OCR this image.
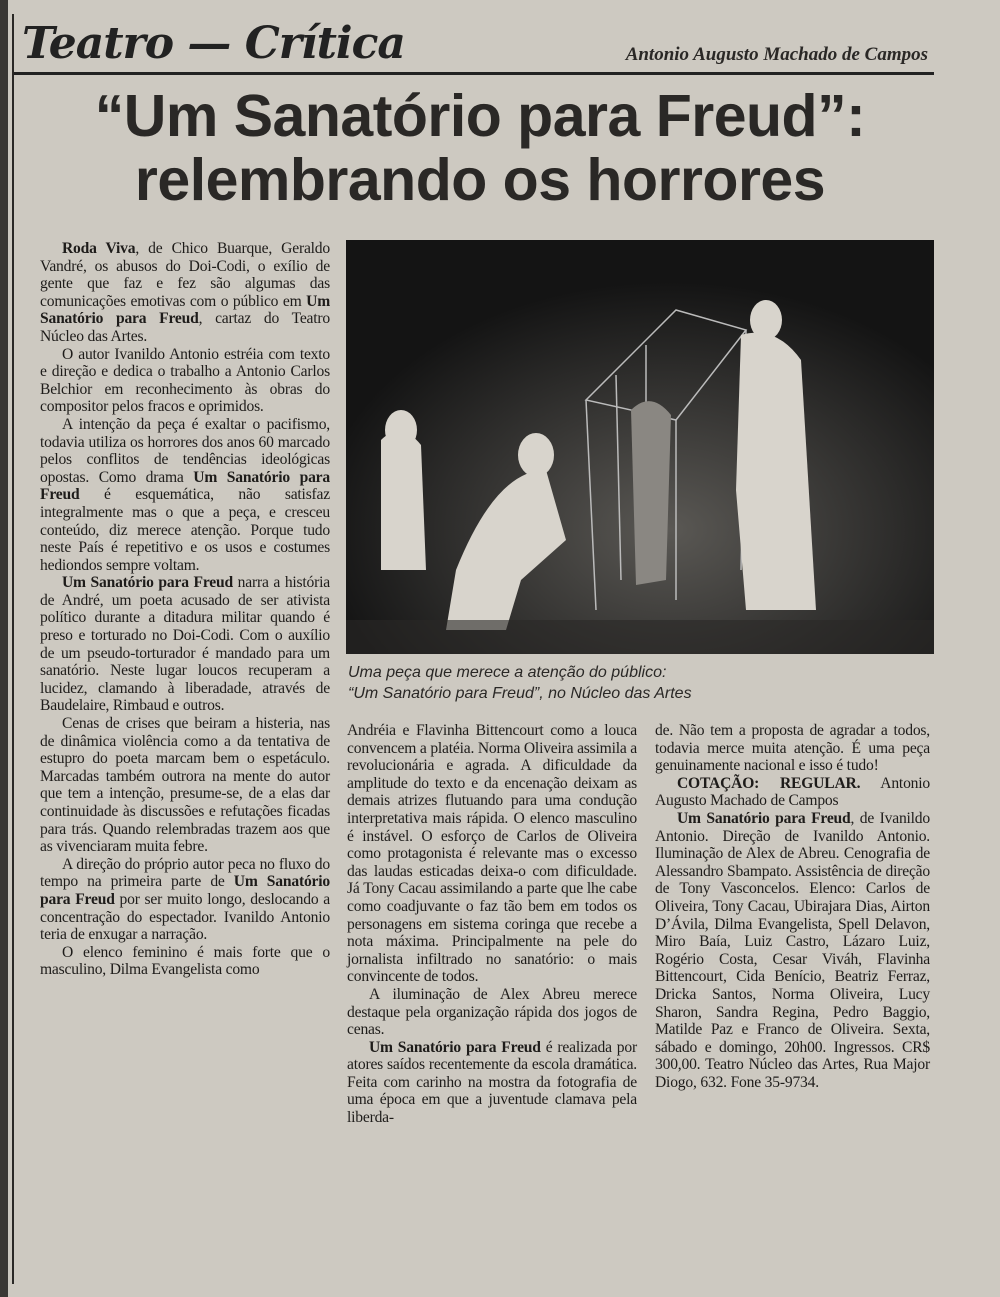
Teatro — Crítica	Antonio Augusto Machado de Campos
“Um Sanatório para Freud”:
relembrando os horrores

Roda Viva, de Chico Buarque, Geraldo Vandré, os abusos do Doi-Codi, o exílio de gente que faz e fez são algumas das comunicações emotivas com o público em Um Sanatório para Freud, cartaz do Teatro Núcleo das Artes.

O autor Ivanildo Antonio estréia com texto e direção e dedica o trabalho a Antonio Carlos Belchior em reconhecimento às obras do compositor pelos fracos e oprimidos.

A intenção da peça é exaltar o pacifismo, todavia utiliza os horrores dos anos 60 marcado pelos conflitos de tendências ideológicas opostas. Como drama Um Sanatório para Freud é esquemática, não satisfaz integralmente mas o que a peça, e cresceu conteúdo, diz merece atenção. Porque tudo neste País é repetitivo e os usos e costumes hediondos sempre voltam.

Um Sanatório para Freud narra a história de André, um poeta acusado de ser ativista político durante a ditadura militar quando é preso e torturado no Doi-Codi. Com o auxílio de um pseudo-torturador é mandado para um sanatório. Neste lugar loucos recuperam a lucidez, clamando à liberadade, através de Baudelaire, Rimbaud e outros.

Cenas de crises que beiram a histeria, nas de dinâmica violência como a da tentativa de estupro do poeta marcam bem o espetáculo. Marcadas também outrora na mente do autor que tem a intenção, presume-se, de a elas dar continuidade às discussões e refutações ficadas para trás. Quando relembradas trazem aos que as vivenciaram muita febre.

A direção do próprio autor peca no fluxo do tempo na primeira parte de Um Sanatório para Freud por ser muito longo, deslocando a concentração do espectador. Ivanildo Antonio teria de enxugar a narração.

O elenco feminino é mais forte que o masculino, Dilma Evangelista como

Uma peça que merece a atenção do público:
“Um Sanatório para Freud”, no Núcleo das Artes

Andréia e Flavinha Bittencourt como a louca convencem a platéia. Norma Oliveira assimila a revolucionária e agrada. A dificuldade da amplitude do texto e da encenação deixam as demais atrizes flutuando para uma condução interpretativa mais rápida. O elenco masculino é instável. O esforço de Carlos de Oliveira como protagonista é relevante mas o excesso das laudas esticadas deixa-o com dificuldade. Já Tony Cacau assimilando a parte que lhe cabe como coadjuvante o faz tão bem em todos os personagens em sistema coringa que recebe a nota máxima. Principalmente na pele do jornalista infiltrado no sanatório: o mais convincente de todos.

A iluminação de Alex Abreu merece destaque pela organização rápida dos jogos de cenas.

Um Sanatório para Freud é realizada por atores saídos recentemente da escola dramática. Feita com carinho na mostra da fotografia de uma época em que a juventude clamava pela liberda-

de. Não tem a proposta de agradar a todos, todavia merce muita atenção. É uma peça genuinamente nacional e isso é tudo!

COTAÇÃO: REGULAR. Antonio Augusto Machado de Campos

Um Sanatório para Freud, de Ivanildo Antonio. Direção de Ivanildo Antonio. Iluminação de Alex de Abreu. Cenografia de Alessandro Sbampato. Assistência de direção de Tony Vasconcelos. Elenco: Carlos de Oliveira, Tony Cacau, Ubirajara Dias, Airton D’Ávila, Dilma Evangelista, Spell Delavon, Miro Baía, Luiz Castro, Lázaro Luiz, Rogério Costa, Cesar Viváh, Flavinha Bittencourt, Cida Benício, Beatriz Ferraz, Dricka Santos, Norma Oliveira, Lucy Sharon, Sandra Regina, Pedro Baggio, Matilde Paz e Franco de Oliveira. Sexta, sábado e domingo, 20h00. Ingressos. CR$ 300,00. Teatro Núcleo das Artes, Rua Major Diogo, 632. Fone 35-9734.
